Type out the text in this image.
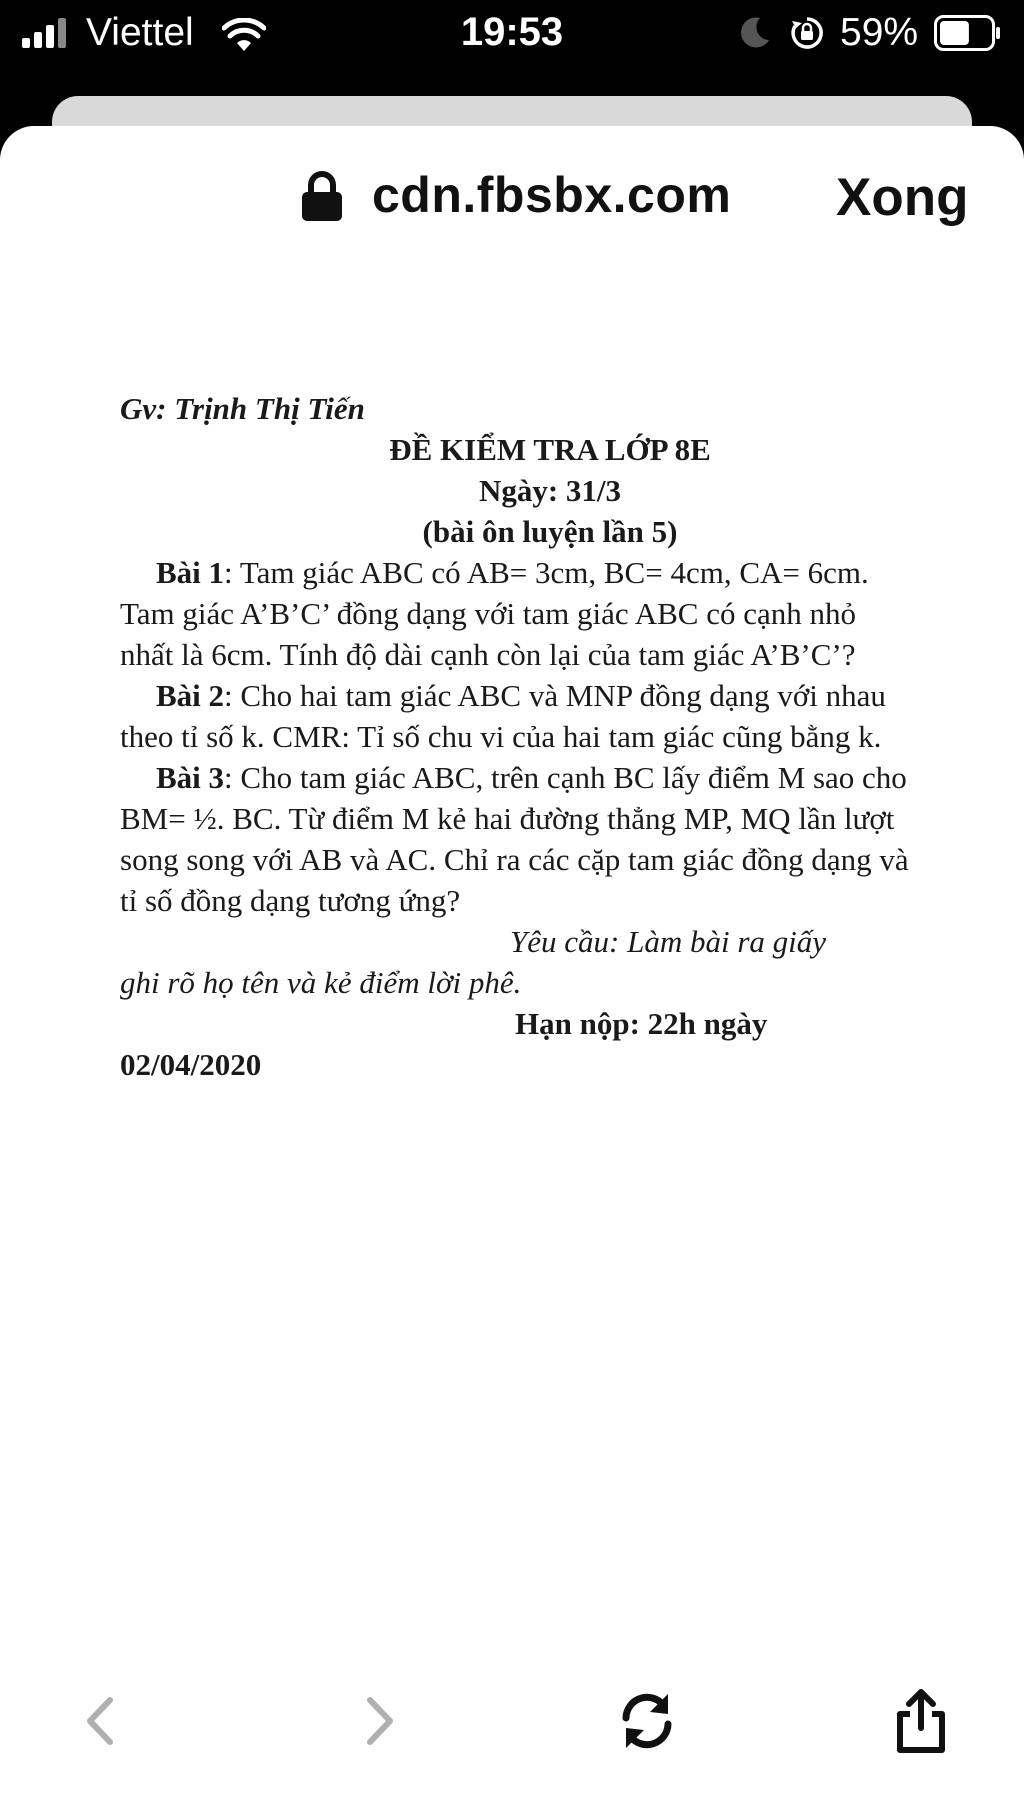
Viettel	19:53	59%
cdn.fbsbx.com Xong

Gv: Trịnh Thị Tiến

ĐỀ KIỂM TRA LỚP 8E

Ngày: 31/3

(bài ôn luyện lần 5)

Bài 1: Tam giác ABC có AB= 3cm, BC= 4cm, CA= 6cm. Tam giác A’B’C’ đồng dạng với tam giác ABC có cạnh nhỏ nhất là 6cm. Tính độ dài cạnh còn lại của tam giác A’B’C’?

Bài 2: Cho hai tam giác ABC và MNP đồng dạng với nhau theo tỉ số k. CMR: Tỉ số chu vi của hai tam giác cũng bằng k.

Bài 3: Cho tam giác ABC, trên cạnh BC lấy điểm M sao cho BM= ½. BC. Từ điểm M kẻ hai đường thẳng MP, MQ lần lượt song song với AB và AC. Chỉ ra các cặp tam giác đồng dạng và tỉ số đồng dạng tương ứng?

Yêu cầu: Làm bài ra giấy

ghi rõ họ tên và kẻ điểm lời phê.

Hạn nộp: 22h ngày

02/04/2020
